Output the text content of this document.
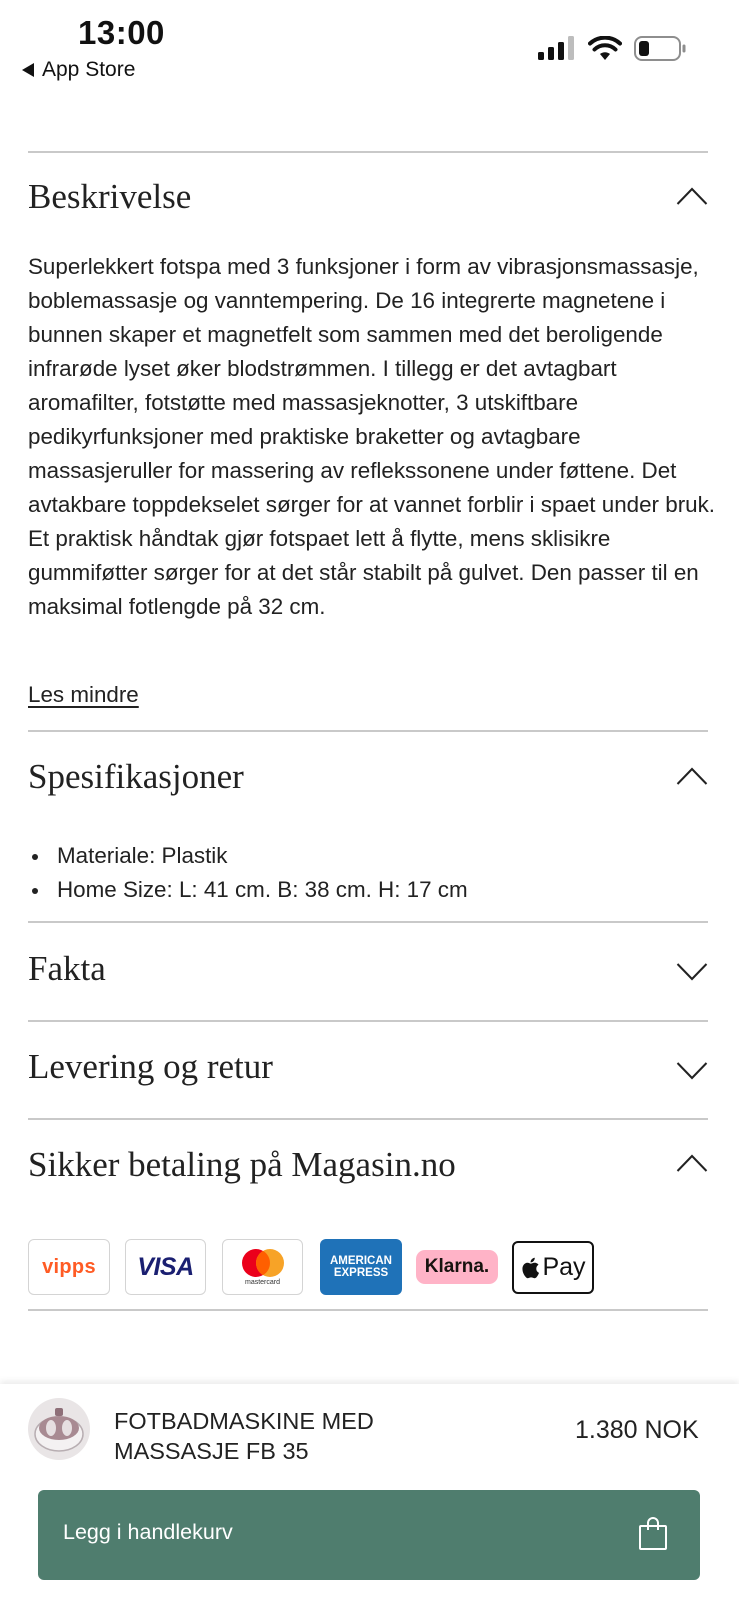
13:00
App Store
Beskrivelse
Superlekkert fotspa med 3 funksjoner i form av vibrasjonsmassasje, boblemassasje og vanntempering. De 16 integrerte magnetene i bunnen skaper et magnetfelt som sammen med det beroligende infrarøde lyset øker blodstrømmen. I tillegg er det avtagbart aromafilter, fotstøtte med massasjeknotter, 3 utskiftbare pedikyrfunksjoner med praktiske braketter og avtagbare massasjeruller for massering av reflekssonene under føttene. Det avtakbare toppdekselet sørger for at vannet forblir i spaet under bruk. Et praktisk håndtak gjør fotspaet lett å flytte, mens sklisikre gummiføtter sørger for at det står stabilt på gulvet. Den passer til en maksimal fotlengde på 32 cm.
Les mindre
Spesifikasjoner
Materiale: Plastik
Home Size: L: 41 cm. B: 38 cm. H: 17 cm
Fakta
Levering og retur
Sikker betaling på Magasin.no
vipps VISA
mastercard
AMERICAN
EXPRESS Klarna. Pay
FOTBADMASKINE MED MASSASJE FB 35
1.380 NOK
Legg i handlekurv
